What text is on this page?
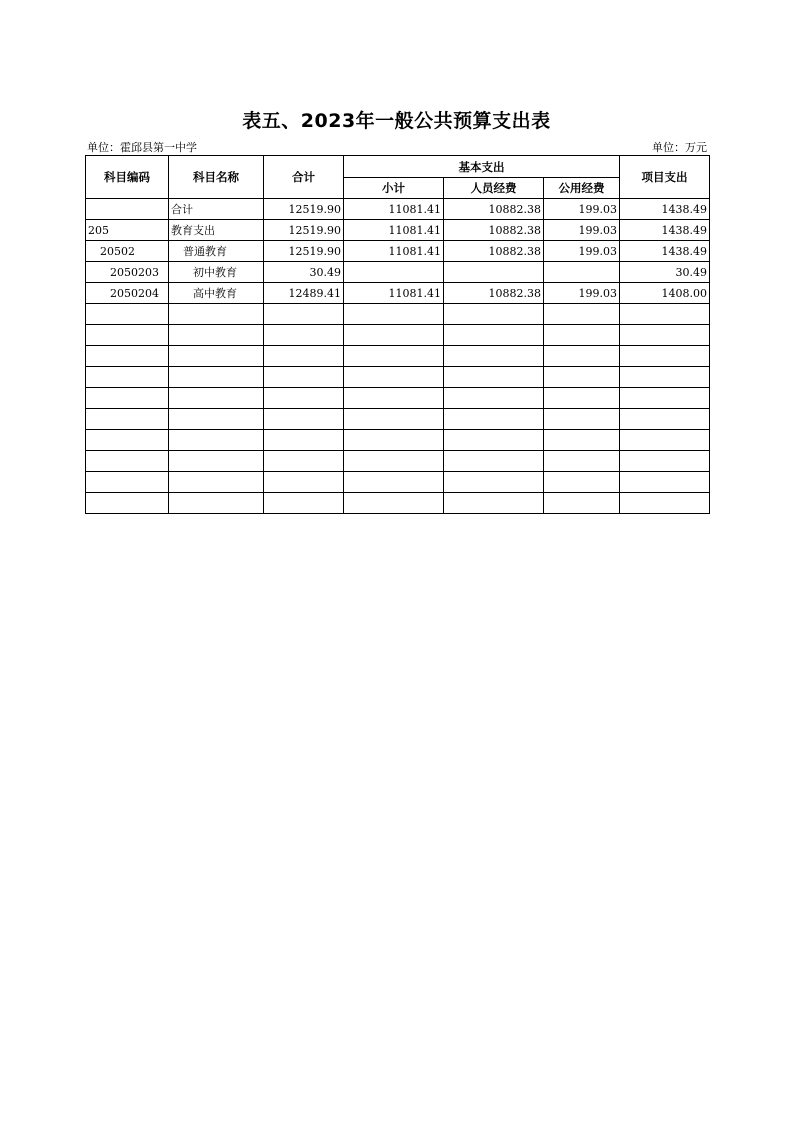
表五、2023年一般公共预算支出表
单位：霍邱县第一中学	单位：万元
科目编码	科目名称	合计	基本支出			项目支出
			小计	人员经费	公用经费	
	合计	12519.90	11081.41	10882.38	199.03	1438.49
205	教育支出	12519.90	11081.41	10882.38	199.03	1438.49
20502	普通教育	12519.90	11081.41	10882.38	199.03	1438.49
2050203	初中教育	30.49				30.49
2050204	高中教育	12489.41	11081.41	10882.38	199.03	1408.00
